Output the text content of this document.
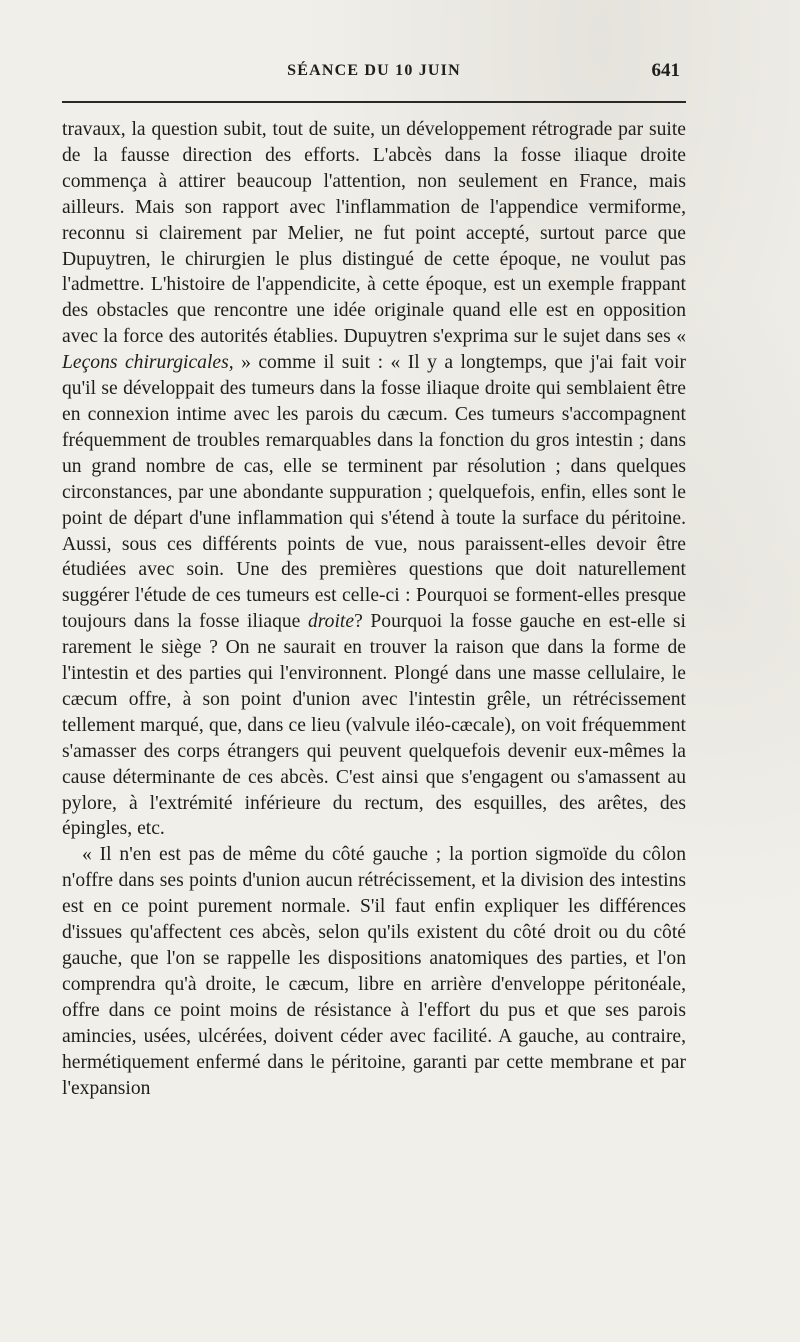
SÉANCE DU 10 JUIN	641

travaux, la question subit, tout de suite, un développement rétrograde par suite de la fausse direction des efforts. L'abcès dans la fosse iliaque droite commença à attirer beaucoup l'attention, non seulement en France, mais ailleurs. Mais son rapport avec l'inflammation de l'appendice vermiforme, reconnu si clairement par Melier, ne fut point accepté, surtout parce que Dupuytren, le chirurgien le plus distingué de cette époque, ne voulut pas l'admettre. L'histoire de l'appendicite, à cette époque, est un exemple frappant des obstacles que rencontre une idée originale quand elle est en opposition avec la force des autorités établies. Dupuytren s'exprima sur le sujet dans ses « Leçons chirurgicales, » comme il suit : « Il y a longtemps, que j'ai fait voir qu'il se développait des tumeurs dans la fosse iliaque droite qui semblaient être en connexion intime avec les parois du cæcum. Ces tumeurs s'accompagnent fréquemment de troubles remarquables dans la fonction du gros intestin ; dans un grand nombre de cas, elle se terminent par résolution ; dans quelques circonstances, par une abondante suppuration ; quelquefois, enfin, elles sont le point de départ d'une inflammation qui s'étend à toute la surface du péritoine. Aussi, sous ces différents points de vue, nous paraissent-elles devoir être étudiées avec soin. Une des premières questions que doit naturellement suggérer l'étude de ces tumeurs est celle-ci : Pourquoi se forment-elles presque toujours dans la fosse iliaque droite? Pourquoi la fosse gauche en est-elle si rarement le siège ? On ne saurait en trouver la raison que dans la forme de l'intestin et des parties qui l'environnent. Plongé dans une masse cellulaire, le cæcum offre, à son point d'union avec l'intestin grêle, un rétrécissement tellement marqué, que, dans ce lieu (valvule iléo-cæcale), on voit fréquemment s'amasser des corps étrangers qui peuvent quelquefois devenir eux-mêmes la cause déterminante de ces abcès. C'est ainsi que s'engagent ou s'amassent au pylore, à l'extrémité inférieure du rectum, des esquilles, des arêtes, des épingles, etc.

« Il n'en est pas de même du côté gauche ; la portion sigmoïde du côlon n'offre dans ses points d'union aucun rétrécissement, et la division des intestins est en ce point purement normale. S'il faut enfin expliquer les différences d'issues qu'affectent ces abcès, selon qu'ils existent du côté droit ou du côté gauche, que l'on se rappelle les dispositions anatomiques des parties, et l'on comprendra qu'à droite, le cæcum, libre en arrière d'enveloppe péritonéale, offre dans ce point moins de résistance à l'effort du pus et que ses parois amincies, usées, ulcérées, doivent céder avec facilité. A gauche, au contraire, hermétiquement enfermé dans le péritoine, garanti par cette membrane et par l'expansion
